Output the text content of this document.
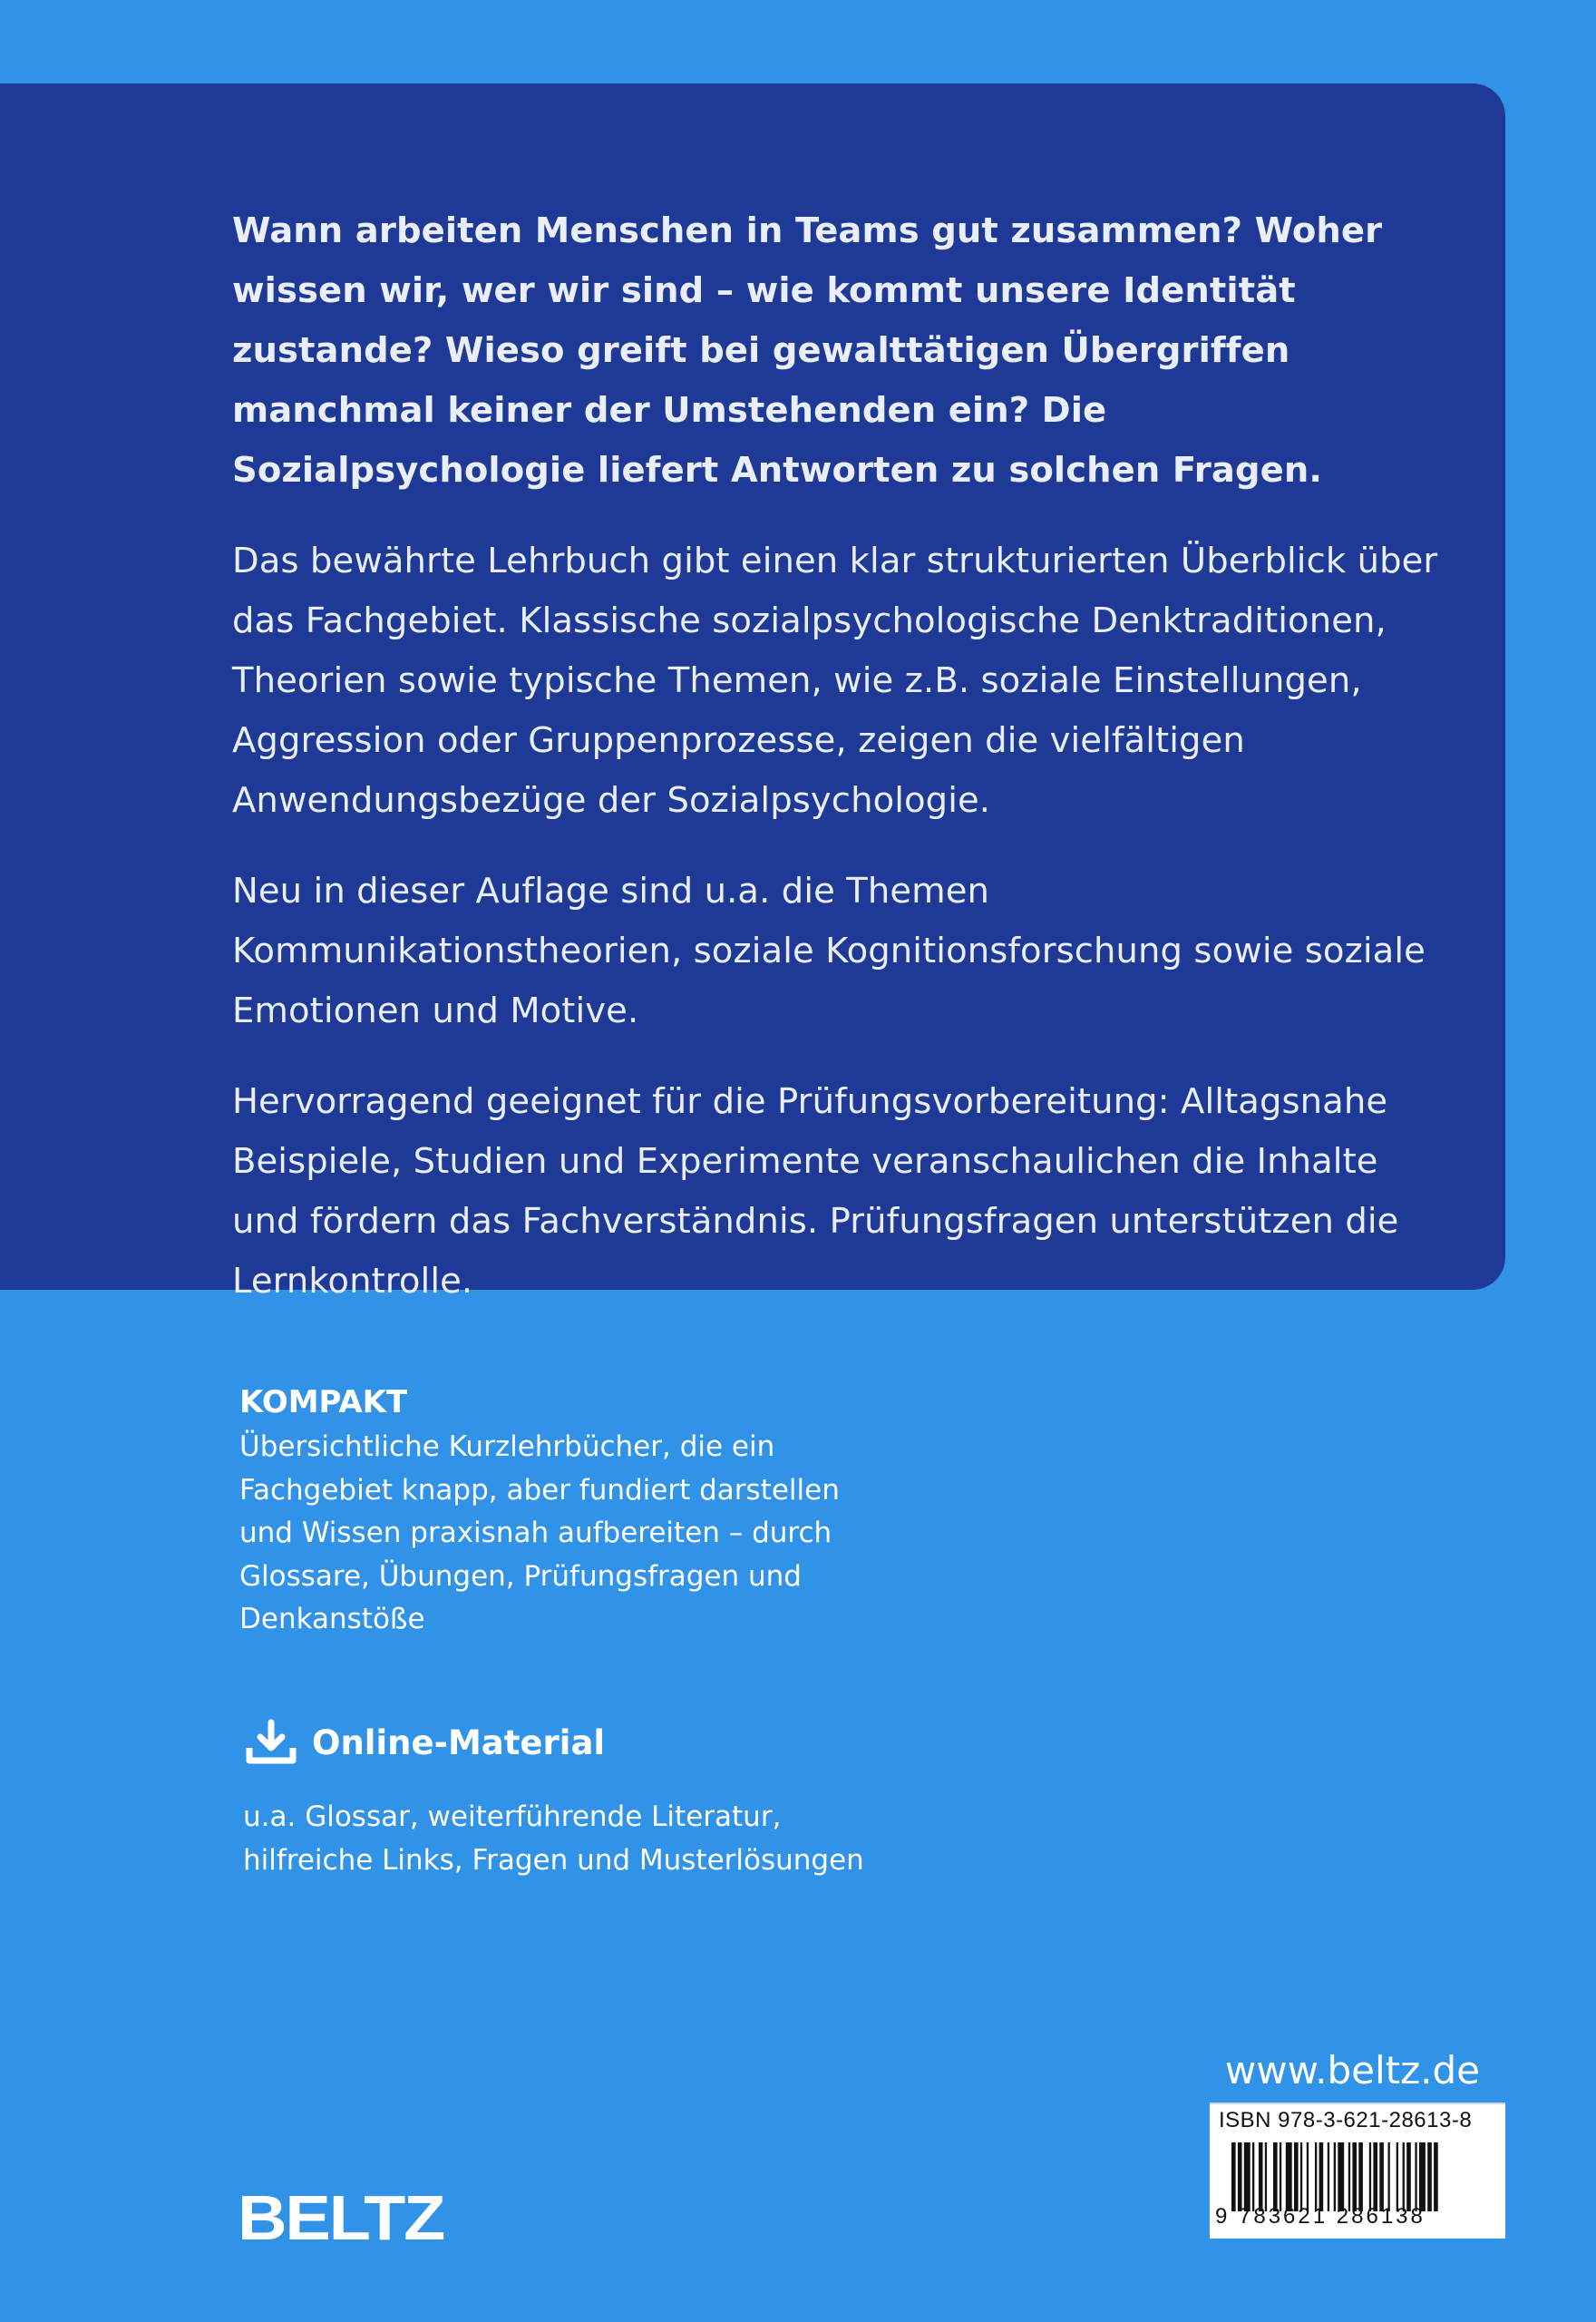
Wann arbeiten Menschen in Teams gut zusammen? Woher wissen wir, wer wir sind – wie kommt unsere Identität zustande? Wieso greift bei gewalttätigen Übergriffen manchmal keiner der Umstehenden ein? Die Sozialpsychologie liefert Antworten zu solchen Fragen.

Das bewährte Lehrbuch gibt einen klar strukturierten Überblick über das Fachgebiet. Klassische sozialpsychologische Denktraditionen, Theorien sowie typische Themen, wie z.B. soziale Einstellungen, Aggression oder Gruppenprozesse, zeigen die vielfältigen Anwendungsbezüge der Sozialpsychologie.

Neu in dieser Auflage sind u.a. die Themen Kommunikationstheorien, soziale Kognitionsforschung sowie soziale Emotionen und Motive.

Hervorragend geeignet für die Prüfungsvorbereitung: Alltagsnahe Beispiele, Studien und Experimente veranschaulichen die Inhalte und fördern das Fachverständnis. Prüfungsfragen unterstützen die Lernkontrolle.

KOMPAKT

Übersichtliche Kurzlehrbücher, die ein Fachgebiet knapp, aber fundiert darstellen und Wissen praxisnah aufbereiten – durch Glossare, Übungen, Prüfungsfragen und Denkanstöße

Online-Material

u.a. Glossar, weiterführende Literatur, hilfreiche Links, Fragen und Musterlösungen

www.beltz.de
ISBN 978-3-621-28613-8
9 783621 286138
BELTZ
